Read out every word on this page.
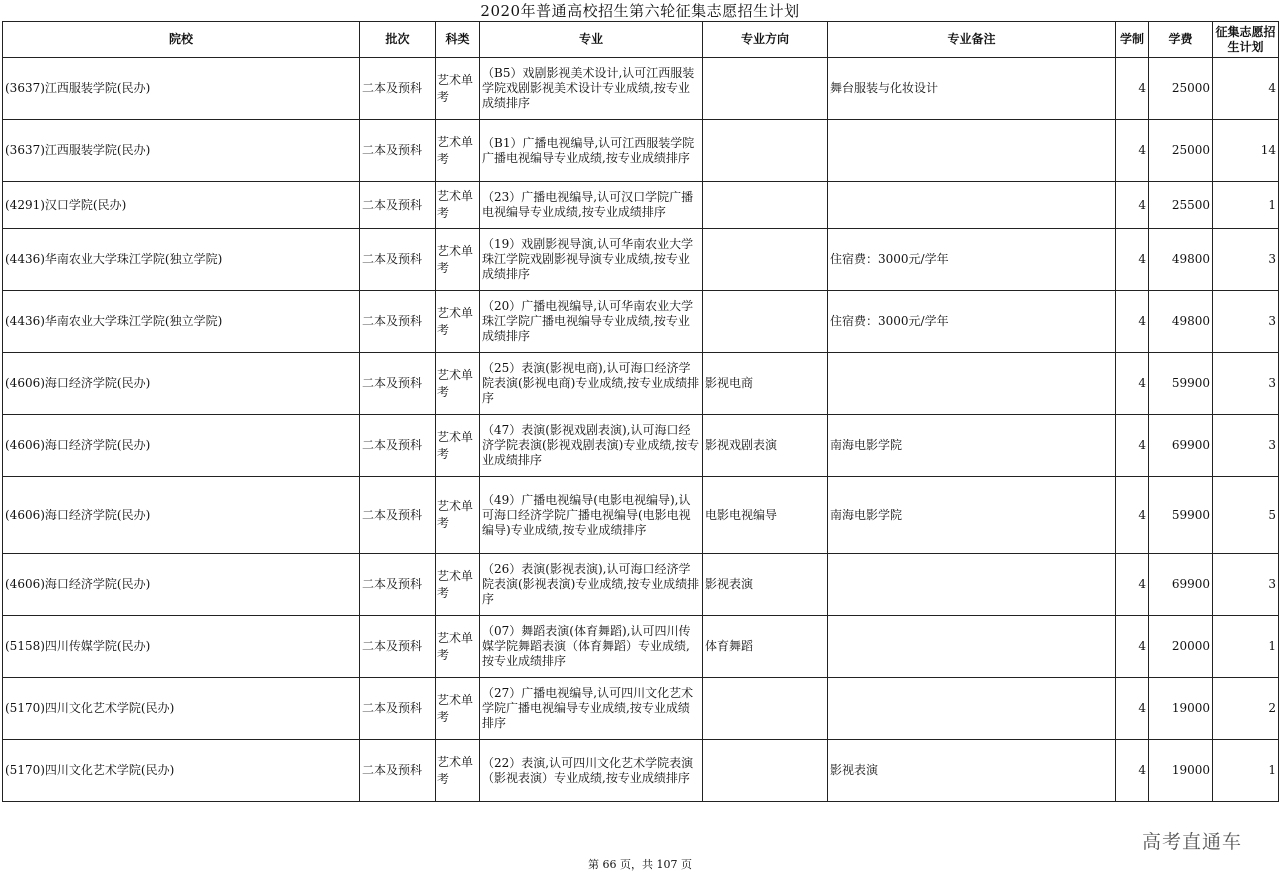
2020年普通高校招生第六轮征集志愿招生计划
院校	批次	科类	专业	专业方向	专业备注	学制	学费	征集志愿招生计划
(3637)江西服装学院(民办)	二本及预科	艺术单考	（B5）戏剧影视美术设计,认可江西服装学院戏剧影视美术设计专业成绩,按专业成绩排序		舞台服装与化妆设计	4	25000	4
(3637)江西服装学院(民办)	二本及预科	艺术单考	（B1）广播电视编导,认可江西服装学院广播电视编导专业成绩,按专业成绩排序			4	25000	14
(4291)汉口学院(民办)	二本及预科	艺术单考	（23）广播电视编导,认可汉口学院广播电视编导专业成绩,按专业成绩排序			4	25500	1
(4436)华南农业大学珠江学院(独立学院)	二本及预科	艺术单考	（19）戏剧影视导演,认可华南农业大学珠江学院戏剧影视导演专业成绩,按专业成绩排序		住宿费：3000元/学年	4	49800	3
(4436)华南农业大学珠江学院(独立学院)	二本及预科	艺术单考	（20）广播电视编导,认可华南农业大学珠江学院广播电视编导专业成绩,按专业成绩排序		住宿费：3000元/学年	4	49800	3
(4606)海口经济学院(民办)	二本及预科	艺术单考	（25）表演(影视电商),认可海口经济学院表演(影视电商)专业成绩,按专业成绩排序	影视电商		4	59900	3
(4606)海口经济学院(民办)	二本及预科	艺术单考	（47）表演(影视戏剧表演),认可海口经济学院表演(影视戏剧表演)专业成绩,按专业成绩排序	影视戏剧表演	南海电影学院	4	69900	3
(4606)海口经济学院(民办)	二本及预科	艺术单考	（49）广播电视编导(电影电视编导),认可海口经济学院广播电视编导(电影电视编导)专业成绩,按专业成绩排序	电影电视编导	南海电影学院	4	59900	5
(4606)海口经济学院(民办)	二本及预科	艺术单考	（26）表演(影视表演),认可海口经济学院表演(影视表演)专业成绩,按专业成绩排序	影视表演		4	69900	3
(5158)四川传媒学院(民办)	二本及预科	艺术单考	（07）舞蹈表演(体育舞蹈),认可四川传媒学院舞蹈表演（体育舞蹈）专业成绩,按专业成绩排序	体育舞蹈		4	20000	1
(5170)四川文化艺术学院(民办)	二本及预科	艺术单考	（27）广播电视编导,认可四川文化艺术学院广播电视编导专业成绩,按专业成绩排序			4	19000	2
(5170)四川文化艺术学院(民办)	二本及预科	艺术单考	（22）表演,认可四川文化艺术学院表演（影视表演）专业成绩,按专业成绩排序		影视表演	4	19000	1
高考直通车
第 66 页，共 107 页
